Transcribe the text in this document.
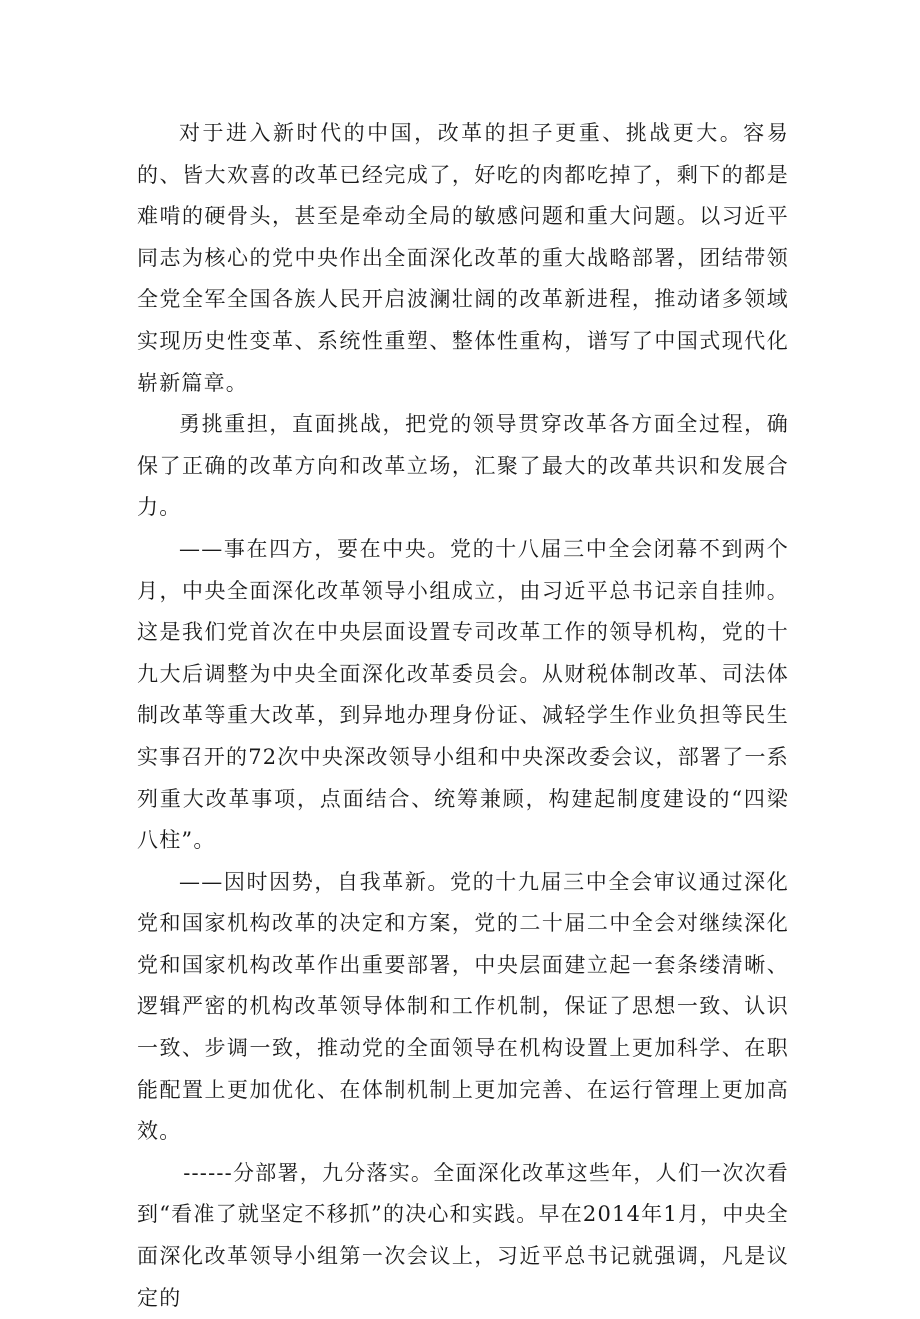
对于进入新时代的中国，改革的担子更重、挑战更大。容易的、皆大欢喜的改革已经完成了，好吃的肉都吃掉了，剩下的都是难啃的硬骨头，甚至是牵动全局的敏感问题和重大问题。以习近平同志为核心的党中央作出全面深化改革的重大战略部署，团结带领全党全军全国各族人民开启波澜壮阔的改革新进程，推动诸多领域实现历史性变革、系统性重塑、整体性重构，谱写了中国式现代化崭新篇章。

勇挑重担，直面挑战，把党的领导贯穿改革各方面全过程，确保了正确的改革方向和改革立场，汇聚了最大的改革共识和发展合力。

——事在四方，要在中央。党的十八届三中全会闭幕不到两个月，中央全面深化改革领导小组成立，由习近平总书记亲自挂帅。这是我们党首次在中央层面设置专司改革工作的领导机构，党的十九大后调整为中央全面深化改革委员会。从财税体制改革、司法体制改革等重大改革，到异地办理身份证、减轻学生作业负担等民生实事召开的72次中央深改领导小组和中央深改委会议，部署了一系列重大改革事项，点面结合、统筹兼顾，构建起制度建设的“四梁八柱”。

——因时因势，自我革新。党的十九届三中全会审议通过深化党和国家机构改革的决定和方案，党的二十届二中全会对继续深化党和国家机构改革作出重要部署，中央层面建立起一套条缕清晰、逻辑严密的机构改革领导体制和工作机制，保证了思想一致、认识一致、步调一致，推动党的全面领导在机构设置上更加科学、在职能配置上更加优化、在体制机制上更加完善、在运行管理上更加高效。

------分部署，九分落实。全面深化改革这些年，人们一次次看到“看准了就坚定不移抓”的决心和实践。早在2014年1月，中央全面深化改革领导小组第一次会议上，习近平总书记就强调，凡是议定的
